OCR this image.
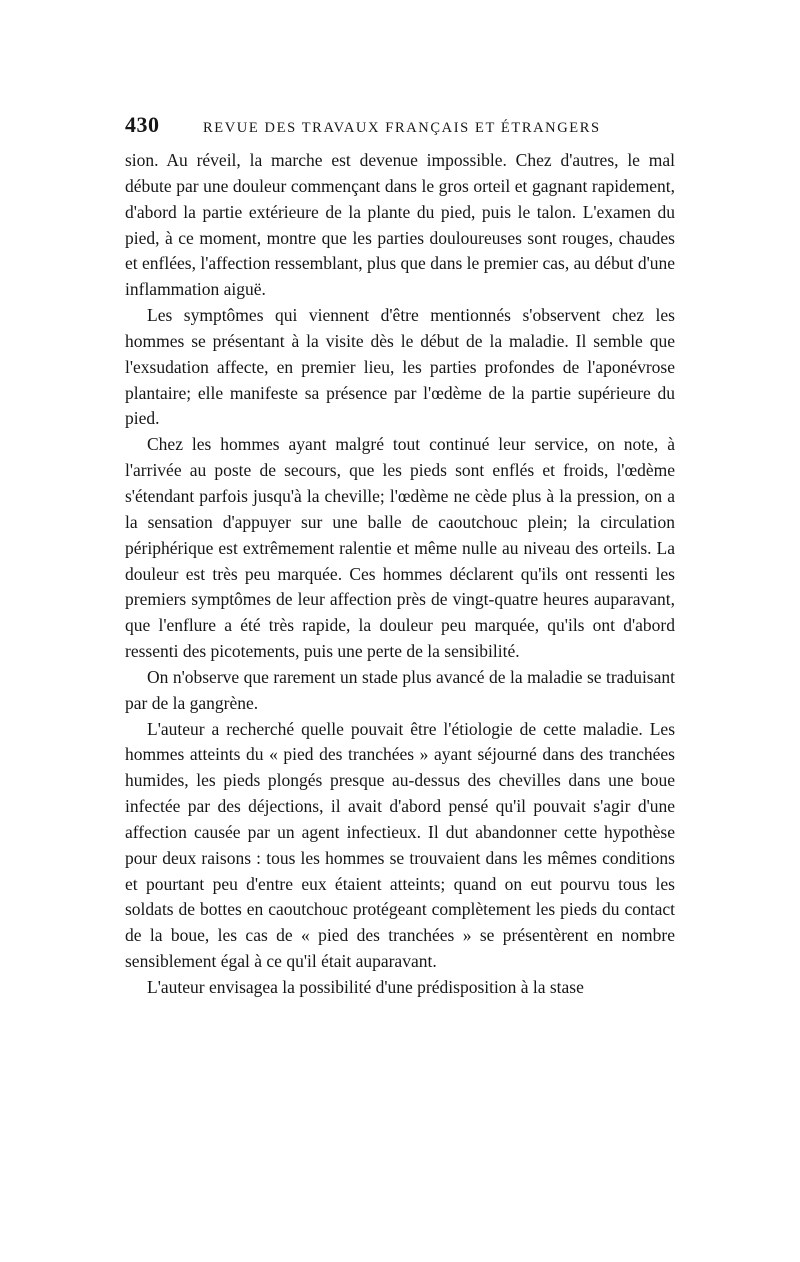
430	REVUE DES TRAVAUX FRANÇAIS ET ÉTRANGERS

sion. Au réveil, la marche est devenue impossible. Chez d'autres, le mal débute par une douleur commençant dans le gros orteil et gagnant rapidement, d'abord la partie extérieure de la plante du pied, puis le talon. L'examen du pied, à ce moment, montre que les parties douloureuses sont rouges, chaudes et enflées, l'affection ressemblant, plus que dans le premier cas, au début d'une inflammation aiguë.

Les symptômes qui viennent d'être mentionnés s'observent chez les hommes se présentant à la visite dès le début de la maladie. Il semble que l'exsudation affecte, en premier lieu, les parties profondes de l'aponévrose plantaire; elle manifeste sa présence par l'œdème de la partie supérieure du pied.

Chez les hommes ayant malgré tout continué leur service, on note, à l'arrivée au poste de secours, que les pieds sont enflés et froids, l'œdème s'étendant parfois jusqu'à la cheville; l'œdème ne cède plus à la pression, on a la sensation d'appuyer sur une balle de caoutchouc plein; la circulation périphérique est extrêmement ralentie et même nulle au niveau des orteils. La douleur est très peu marquée. Ces hommes déclarent qu'ils ont ressenti les premiers symptômes de leur affection près de vingt-quatre heures auparavant, que l'enflure a été très rapide, la douleur peu marquée, qu'ils ont d'abord ressenti des picotements, puis une perte de la sensibilité.

On n'observe que rarement un stade plus avancé de la maladie se traduisant par de la gangrène.

L'auteur a recherché quelle pouvait être l'étiologie de cette maladie. Les hommes atteints du « pied des tranchées » ayant séjourné dans des tranchées humides, les pieds plongés presque au-dessus des chevilles dans une boue infectée par des déjections, il avait d'abord pensé qu'il pouvait s'agir d'une affection causée par un agent infectieux. Il dut abandonner cette hypothèse pour deux raisons : tous les hommes se trouvaient dans les mêmes conditions et pourtant peu d'entre eux étaient atteints; quand on eut pourvu tous les soldats de bottes en caoutchouc protégeant complètement les pieds du contact de la boue, les cas de « pied des tranchées » se présentèrent en nombre sensiblement égal à ce qu'il était auparavant.

L'auteur envisagea la possibilité d'une prédisposition à la stase
